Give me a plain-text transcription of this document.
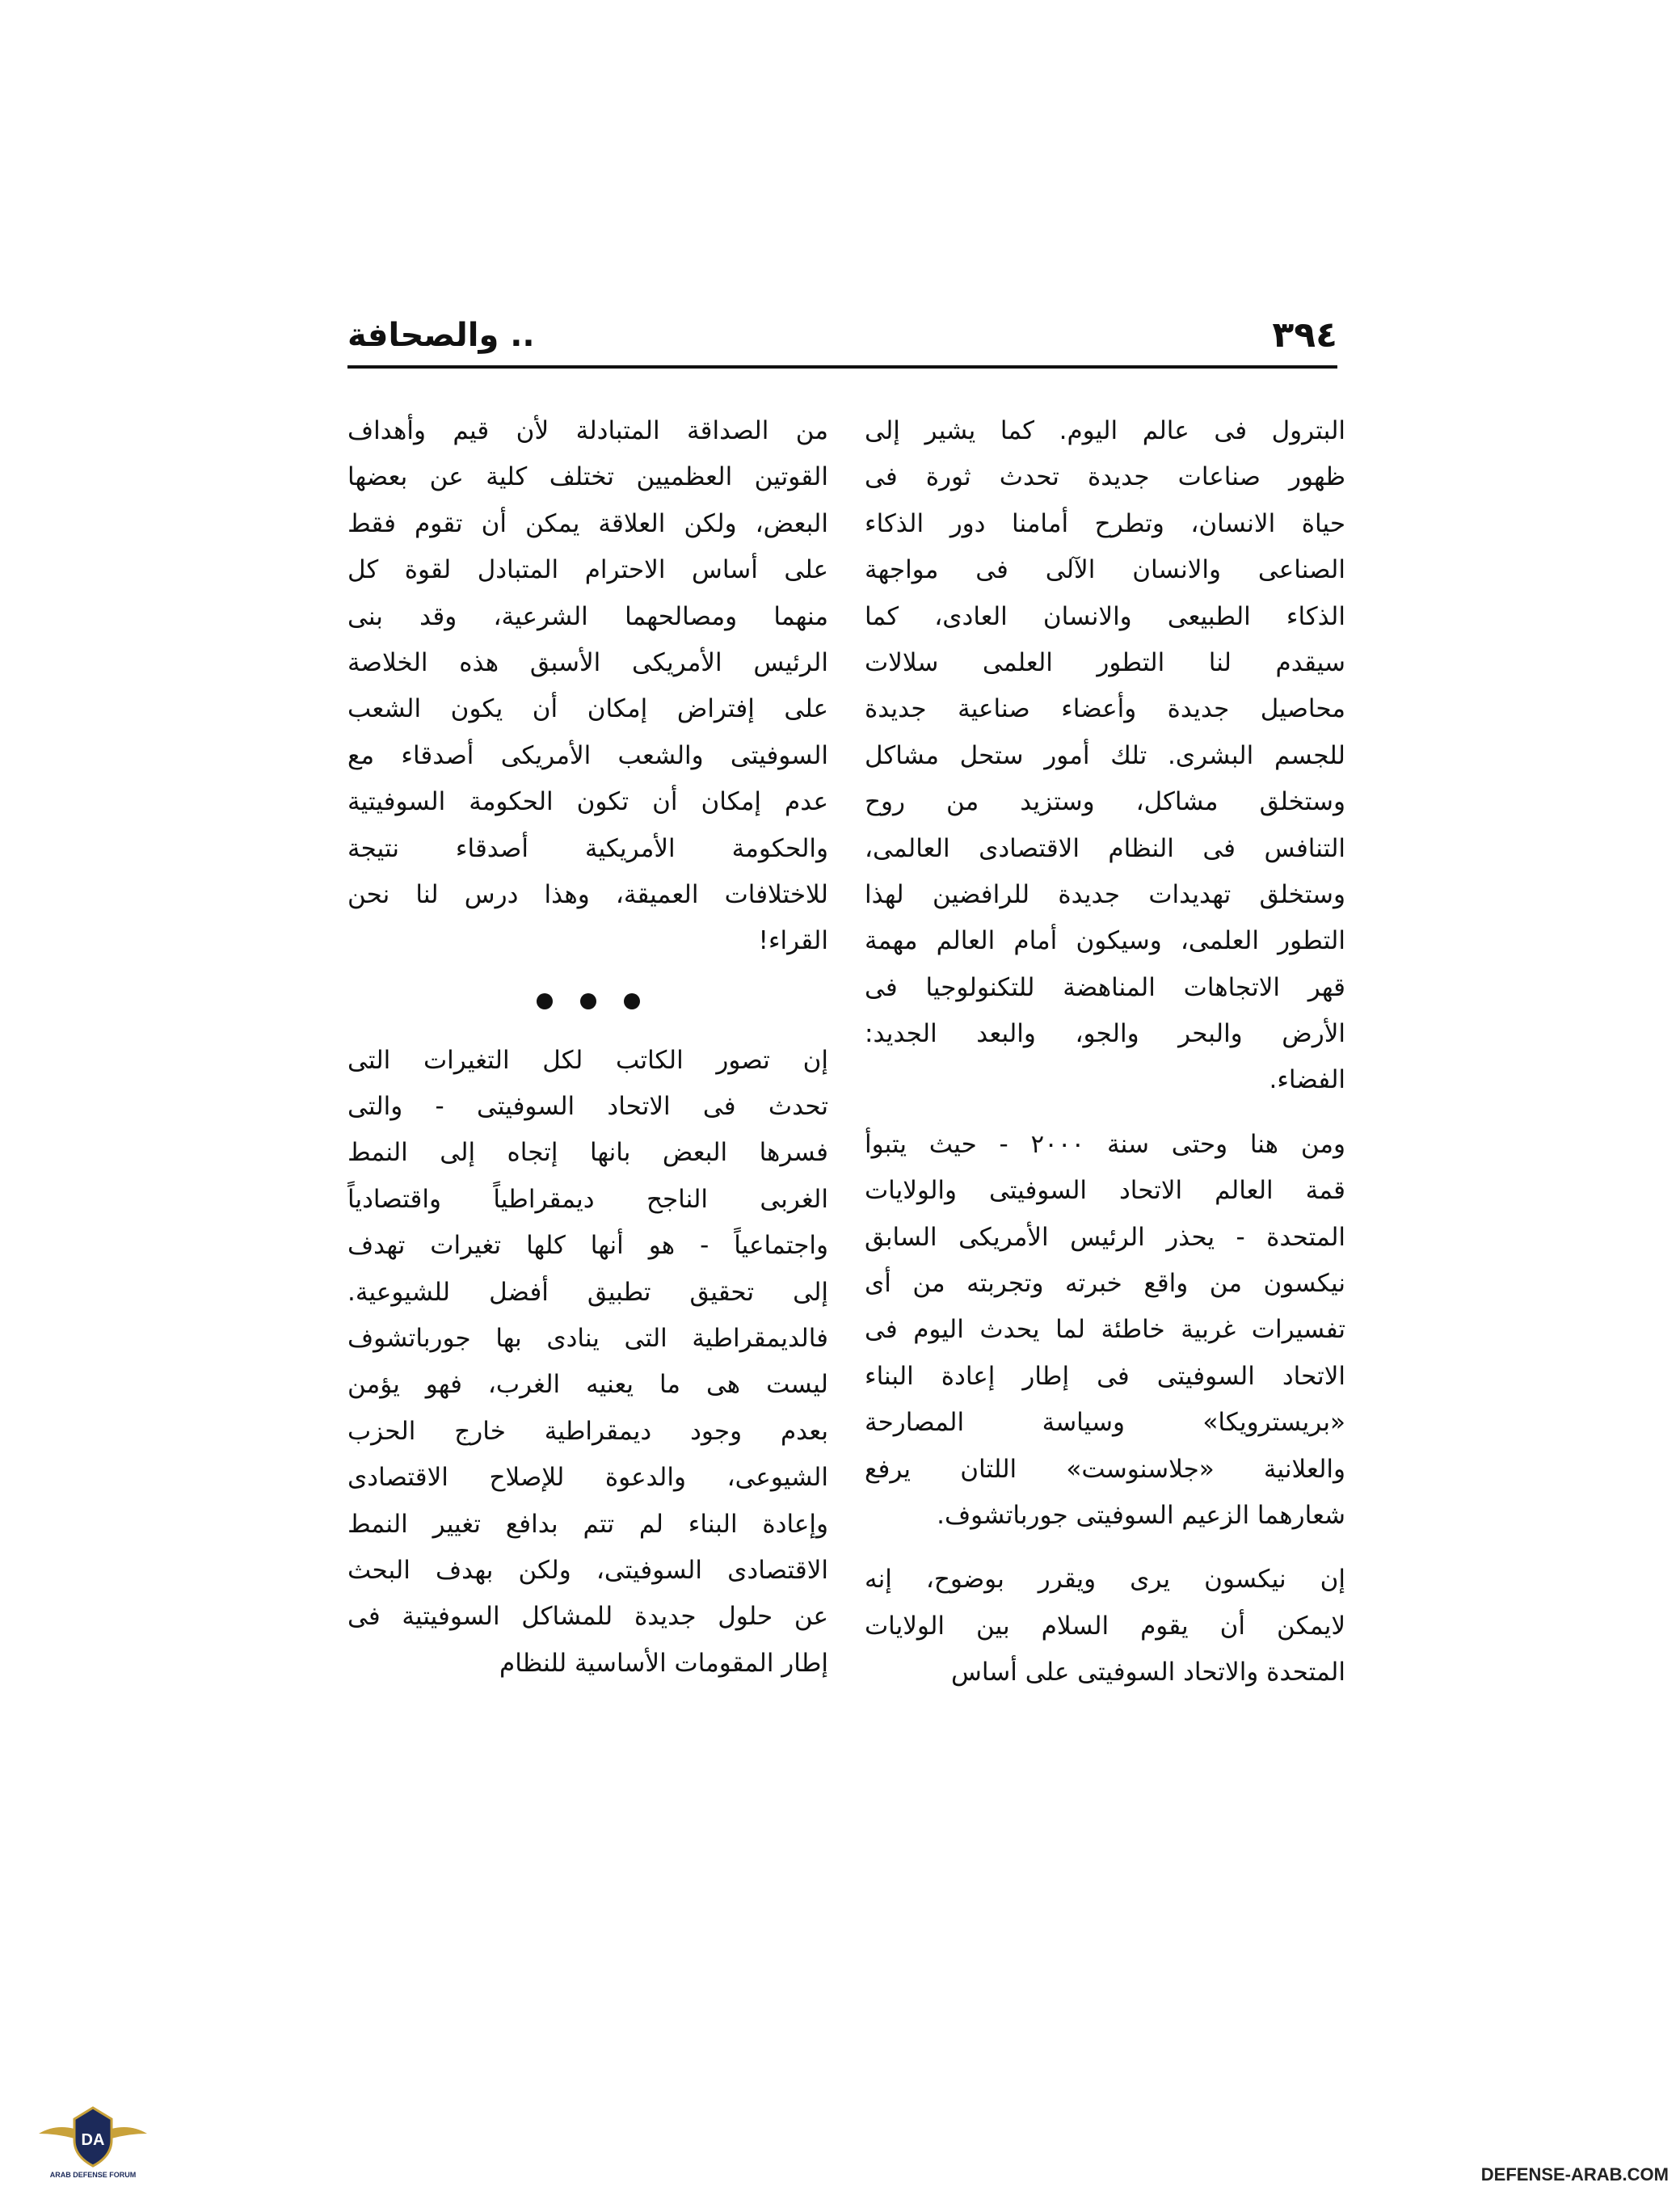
٣٩٤
.. والصحافة
البترول فى عالم اليوم. كما يشير إلى
ظهور صناعات جديدة تحدث ثورة فى
حياة الانسان، وتطرح أمامنا دور الذكاء
الصناعى والانسان الآلى فى مواجهة
الذكاء الطبيعى والانسان العادى، كما
سيقدم لنا التطور العلمى سلالات
محاصيل جديدة وأعضاء صناعية جديدة
للجسم البشرى. تلك أمور ستحل مشاكل
وستخلق مشاكل، وستزيد من روح
التنافس فى النظام الاقتصادى العالمى،
وستخلق تهديدات جديدة للرافضين لهذا
التطور العلمى، وسيكون أمام العالم مهمة
قهر الاتجاهات المناهضة للتكنولوجيا فى
الأرض والبحر والجو، والبعد الجديد:
الفضاء.
ومن هنا وحتى سنة ٢٠٠٠ - حيث يتبوأ
قمة العالم الاتحاد السوفيتى والولايات
المتحدة - يحذر الرئيس الأمريكى السابق
نيكسون من واقع خبرته وتجربته من أى
تفسيرات غربية خاطئة لما يحدث اليوم فى
الاتحاد السوفيتى فى إطار إعادة البناء
«بريسترويكا» وسياسة المصارحة
والعلانية «جلاسنوست» اللتان يرفع
شعارهما الزعيم السوفيتى جورباتشوف.
إن نيكسون يرى ويقرر بوضوح، إنه
لايمكن أن يقوم السلام بين الولايات
المتحدة والاتحاد السوفيتى على أساس
من الصداقة المتبادلة لأن قيم وأهداف
القوتين العظميين تختلف كلية عن بعضها
البعض، ولكن العلاقة يمكن أن تقوم فقط
على أساس الاحترام المتبادل لقوة كل
منهما ومصالحهما الشرعية، وقد بنى
الرئيس الأمريكى الأسبق هذه الخلاصة
على إفتراض إمكان أن يكون الشعب
السوفيتى والشعب الأمريكى أصدقاء مع
عدم إمكان أن تكون الحكومة السوفيتية
والحكومة الأمريكية أصدقاء نتيجة
للاختلافات العميقة، وهذا درس لنا نحن
القراء!
إن تصور الكاتب لكل التغيرات التى
تحدث فى الاتحاد السوفيتى - والتى
فسرها البعض بانها إتجاه إلى النمط
الغربى الناجح ديمقراطياً واقتصادياً
واجتماعياً - هو أنها كلها تغيرات تهدف
إلى تحقيق تطبيق أفضل للشيوعية.
فالديمقراطية التى ينادى بها جورباتشوف
ليست هى ما يعنيه الغرب، فهو يؤمن
بعدم وجود ديمقراطية خارج الحزب
الشيوعى، والدعوة للإصلاح الاقتصادى
وإعادة البناء لم تتم بدافع تغيير النمط
الاقتصادى السوفيتى، ولكن بهدف البحث
عن حلول جديدة للمشاكل السوفيتية فى
إطار المقومات الأساسية للنظام
DA
ARAB DEFENSE FORUM	DEFENSE-ARAB.COM
